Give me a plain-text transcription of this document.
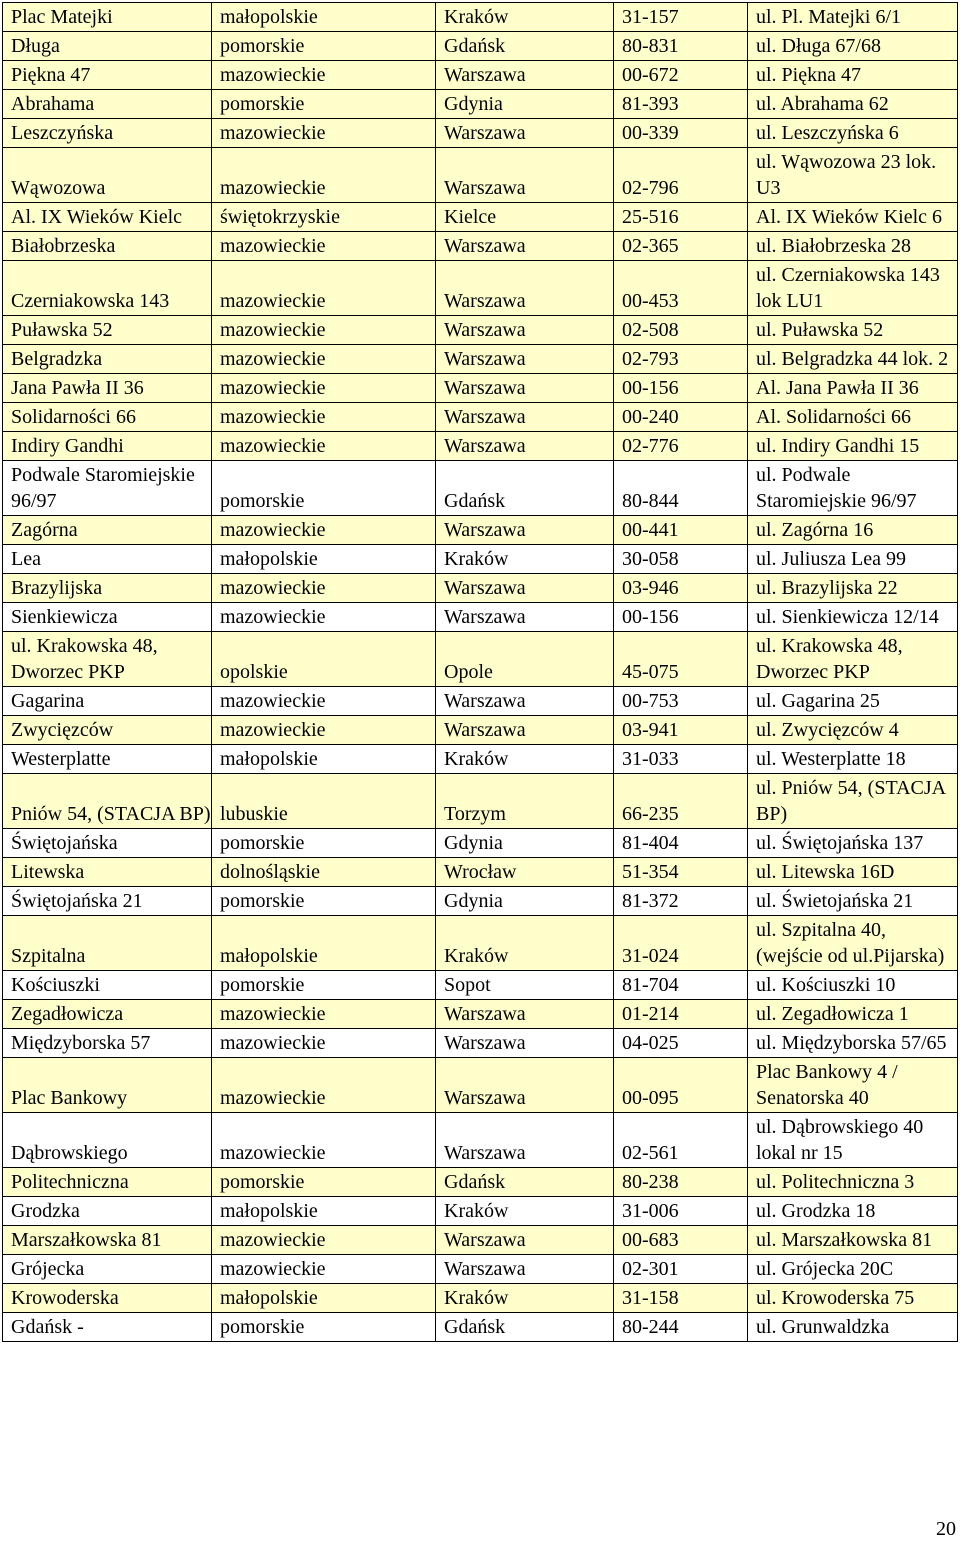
Plac Matejki	małopolskie	Kraków	31-157	ul. Pl. Matejki 6/1
Długa	pomorskie	Gdańsk	80-831	ul. Długa 67/68
Piękna 47	mazowieckie	Warszawa	00-672	ul. Piękna 47
Abrahama	pomorskie	Gdynia	81-393	ul. Abrahama 62
Leszczyńska	mazowieckie	Warszawa	00-339	ul. Leszczyńska 6
Wąwozowa	mazowieckie	Warszawa	02-796	ul. Wąwozowa 23 lok. U3
Al. IX Wieków Kielc	świętokrzyskie	Kielce	25-516	Al. IX Wieków Kielc 6
Białobrzeska	mazowieckie	Warszawa	02-365	ul. Białobrzeska 28
Czerniakowska 143	mazowieckie	Warszawa	00-453	ul. Czerniakowska 143 lok LU1
Puławska 52	mazowieckie	Warszawa	02-508	ul. Puławska 52
Belgradzka	mazowieckie	Warszawa	02-793	ul. Belgradzka 44 lok. 2
Jana Pawła II 36	mazowieckie	Warszawa	00-156	Al. Jana Pawła II 36
Solidarności 66	mazowieckie	Warszawa	00-240	Al. Solidarności 66
Indiry Gandhi	mazowieckie	Warszawa	02-776	ul. Indiry Gandhi 15
Podwale Staromiejskie 96/97	pomorskie	Gdańsk	80-844	ul. Podwale Staromiejskie 96/97
Zagórna	mazowieckie	Warszawa	00-441	ul. Zagórna 16
Lea	małopolskie	Kraków	30-058	ul. Juliusza Lea 99
Brazylijska	mazowieckie	Warszawa	03-946	ul. Brazylijska 22
Sienkiewicza	mazowieckie	Warszawa	00-156	ul. Sienkiewicza 12/14
ul. Krakowska 48, Dworzec PKP	opolskie	Opole	45-075	ul. Krakowska 48, Dworzec PKP
Gagarina	mazowieckie	Warszawa	00-753	ul. Gagarina 25
Zwycięzców	mazowieckie	Warszawa	03-941	ul. Zwycięzców 4
Westerplatte	małopolskie	Kraków	31-033	ul. Westerplatte 18
Pniów 54, (STACJA BP)	lubuskie	Torzym	66-235	ul. Pniów 54, (STACJA BP)
Świętojańska	pomorskie	Gdynia	81-404	ul. Świętojańska 137
Litewska	dolnośląskie	Wrocław	51-354	ul. Litewska 16D
Świętojańska 21	pomorskie	Gdynia	81-372	ul. Świetojańska 21
Szpitalna	małopolskie	Kraków	31-024	ul. Szpitalna 40, (wejście od ul.Pijarska)
Kościuszki	pomorskie	Sopot	81-704	ul. Kościuszki 10
Zegadłowicza	mazowieckie	Warszawa	01-214	ul. Zegadłowicza 1
Międzyborska 57	mazowieckie	Warszawa	04-025	ul. Międzyborska 57/65
Plac Bankowy	mazowieckie	Warszawa	00-095	Plac Bankowy 4 / Senatorska 40
Dąbrowskiego	mazowieckie	Warszawa	02-561	ul. Dąbrowskiego 40 lokal nr 15
Politechniczna	pomorskie	Gdańsk	80-238	ul. Politechniczna 3
Grodzka	małopolskie	Kraków	31-006	ul. Grodzka 18
Marszałkowska 81	mazowieckie	Warszawa	00-683	ul. Marszałkowska 81
Grójecka	mazowieckie	Warszawa	02-301	ul. Grójecka 20C
Krowoderska	małopolskie	Kraków	31-158	ul. Krowoderska 75
Gdańsk -	pomorskie	Gdańsk	80-244	ul. Grunwaldzka
20
